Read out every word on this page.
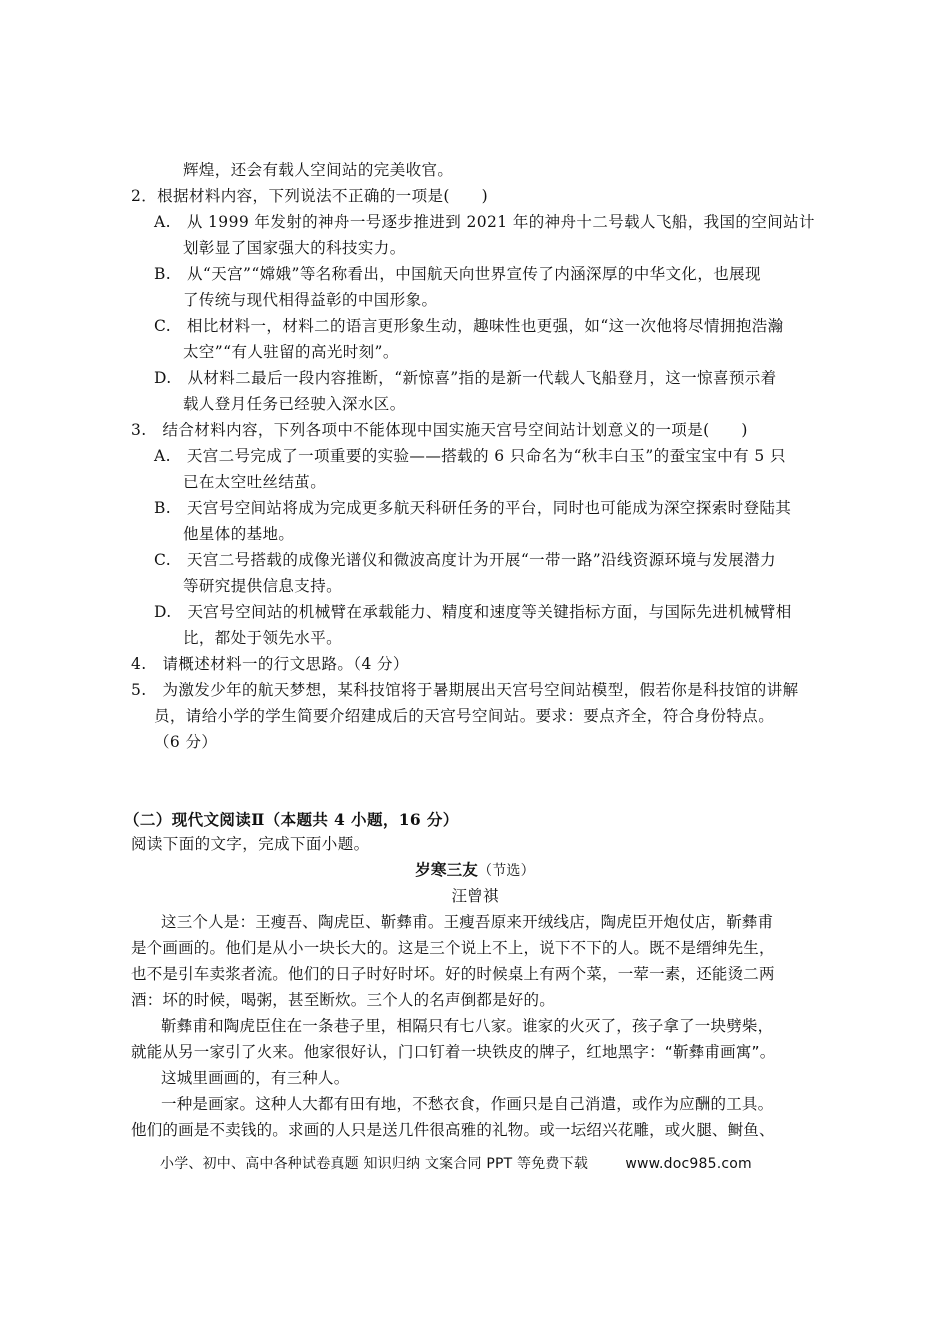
辉煌，还会有载人空间站的完美收官。
2．根据材料内容，下列说法不正确的一项是(　　)
A.　从 1999 年发射的神舟一号逐步推进到 2021 年的神舟十二号载人飞船，我国的空间站计
划彰显了国家强大的科技实力。
B.　从“天宫”“嫦娥”等名称看出，中国航天向世界宣传了内涵深厚的中华文化，也展现
了传统与现代相得益彰的中国形象。
C.　相比材料一，材料二的语言更形象生动，趣味性也更强，如“这一次他将尽情拥抱浩瀚
太空”“有人驻留的高光时刻”。
D.　从材料二最后一段内容推断，“新惊喜”指的是新一代载人飞船登月，这一惊喜预示着
载人登月任务已经驶入深水区。
3.　结合材料内容，下列各项中不能体现中国实施天宫号空间站计划意义的一项是(　　)
A.　天宫二号完成了一项重要的实验——搭载的 6 只命名为“秋丰白玉”的蚕宝宝中有 5 只
已在太空吐丝结茧。
B.　天宫号空间站将成为完成更多航天科研任务的平台，同时也可能成为深空探索时登陆其
他星体的基地。
C.　天宫二号搭载的成像光谱仪和微波高度计为开展“一带一路”沿线资源环境与发展潜力
等研究提供信息支持。
D.　天宫号空间站的机械臂在承载能力、精度和速度等关键指标方面，与国际先进机械臂相
比，都处于领先水平。
4.　请概述材料一的行文思路。（4 分）
5.　为激发少年的航天梦想，某科技馆将于暑期展出天宫号空间站模型，假若你是科技馆的讲解
员，请给小学的学生简要介绍建成后的天宫号空间站。要求：要点齐全，符合身份特点。
（6 分）
（二）现代文阅读Ⅱ（本题共 4 小题，16 分）
阅读下面的文字，完成下面小题。
岁寒三友（节选）
汪曾祺
这三个人是：王瘦吾、陶虎臣、靳彝甫。王瘦吾原来开绒线店，陶虎臣开炮仗店，靳彝甫
是个画画的。他们是从小一块长大的。这是三个说上不上，说下不下的人。既不是缙绅先生，
也不是引车卖浆者流。他们的日子时好时坏。好的时候桌上有两个菜，一荤一素，还能烫二两
酒：坏的时候，喝粥，甚至断炊。三个人的名声倒都是好的。
靳彝甫和陶虎臣住在一条巷子里，相隔只有七八家。谁家的火灭了，孩子拿了一块劈柴，
就能从另一家引了火来。他家很好认，门口钉着一块铁皮的牌子，红地黑字：“靳彝甫画寓”。
这城里画画的，有三种人。
一种是画家。这种人大都有田有地，不愁衣食，作画只是自己消遣，或作为应酬的工具。
他们的画是不卖钱的。求画的人只是送几件很高雅的礼物。或一坛绍兴花雕，或火腿、鲥鱼、
小学、初中、高中各种试卷真题 知识归纳 文案合同 PPT 等免费下载	www.doc985.com
